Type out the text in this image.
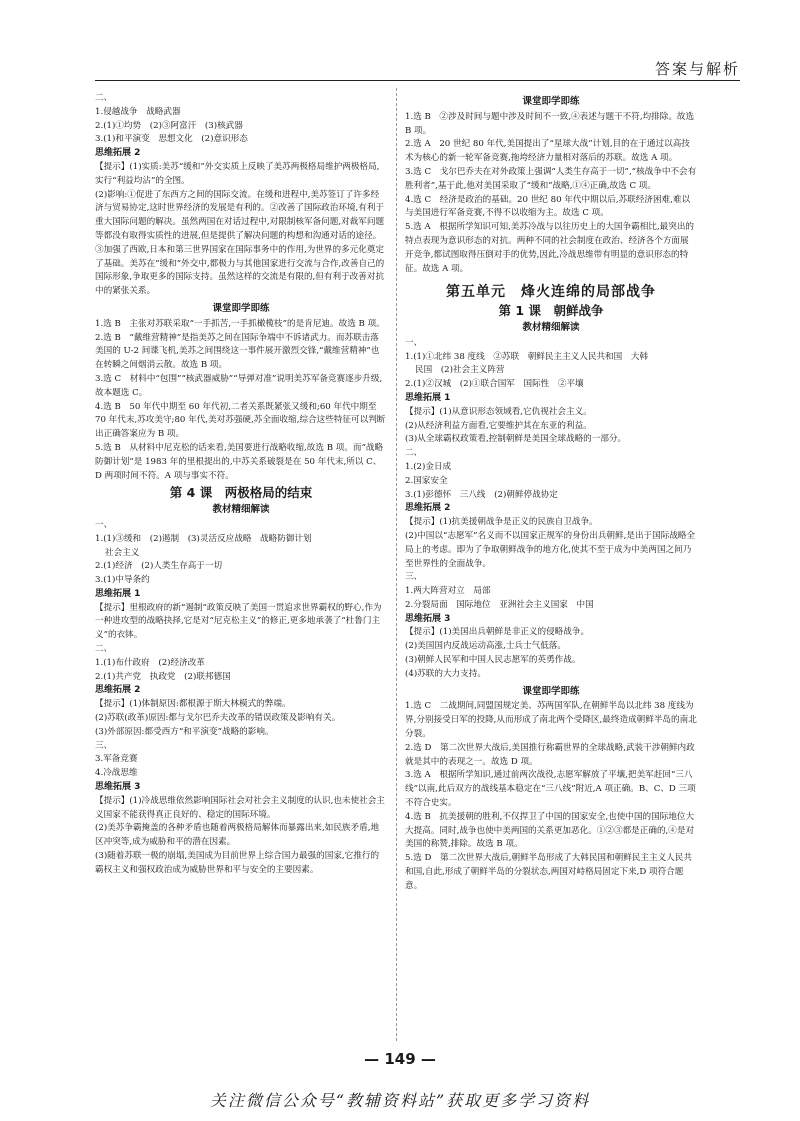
答案与解析
二、
1.侵越战争　战略武器
2.(1)①均势　(2)③阿富汗　(3)核武器
3.(1)和平演变　思想文化　(2)意识形态
思维拓展 2
【提示】(1)实质:美苏“缓和”外交实质上反映了美苏两极格局维护两极格局,实行“利益均沾”的全图。
(2)影响:①促进了东西方之间的国际交流。在缓和进程中,美苏签订了许多经济与贸易协定,这时世界经济的发展是有利的。②改善了国际政治环境,有利于重大国际问题的解决。虽然两国在对话过程中,对限制核军备问题,对裁军问题等都没有取得实质性的进展,但是提供了解决问题的构想和沟通对话的途径。③加强了西欧,日本和第三世界国家在国际事务中的作用,为世界的多元化奠定了基础。美苏在“缓和”外交中,都极力与其他国家进行交流与合作,改善自己的国际形象,争取更多的国际支持。虽然这样的交流是有限的,但有利于改善对抗中的紧张关系。
课堂即学即练
1.选 B　主张对苏联采取“一手抓苦,一手抓橄榄枝”的是肯尼迪。故选 B 项。
2.选 B　“戴维营精神”是指美苏之间在国际争端中不诉诸武力。而苏联击落美国的 U-2 间谍飞机,美苏之间围绕这一事件展开激烈交锋,“戴维营精神”也在转瞬之间烟消云散。故选 B 项。
3.选 C　材料中“包围”“核武器威胁”“导弹对准”说明美苏军备竞赛逐步升级,故本题选 C。
4.选 B　50 年代中期至 60 年代初,二者关系既紧张又缓和;60 年代中期至 70 年代末,苏攻美守;80 年代,美对苏强硬,苏全面收缩,综合这些特征可以判断出正确答案应为 B 项。
5.选 B　从材料中尼克松的话来看,美国要进行战略收缩,故选 B 项。而“战略防御计划”是 1983 年的里根提出的,中苏关系破裂是在 50 年代末,所以 C、D 两项时间不符。A 项与事实不符。
第 4 课　两极格局的结束
教材精细解读
一、
1.(1)③缓和　(2)遏制　(3)灵活反应战略　战略防御计划
社会主义
2.(1)经济　(2)人类生存高于一切
3.(1)中导条约
思维拓展 1
【提示】里根政府的新“遏制”政策反映了美国一贯追求世界霸权的野心,作为一种进攻型的战略抉择,它是对“尼克松主义”的修正,更多地承袭了“杜鲁门主义”的衣钵。
二、
1.(1)布什政府　(2)经济改革
2.(1)共产党　执政党　(2)联邦德国
思维拓展 2
【提示】(1)体制原因:都根源于斯大林模式的弊端。
(2)苏联(政革)原因:都与戈尔巴乔夫改革的错误政策及影响有关。
(3)外部原因:都受西方“和平演变”战略的影响。
三、
3.军备竞赛
4.冷战思维
思维拓展 3
【提示】(1)冷战思维依然影响国际社会对社会主义制度的认识,也未使社会主义国家不能获得真正良好的、稳定的国际环境。
(2)美苏争霸掩盖的各种矛盾也随着两极格局解体而暴露出来,如民族矛盾,地区冲突等,成为威胁和平的潜在因素。
(3)随着苏联一极的崩塌,美国成为目前世界上综合国力最强的国家,它推行的霸权主义和强权政治成为威胁世界和平与安全的主要因素。
课堂即学即练
1.选 B　②涉及时间与题中涉及时间不一致,④表述与题干不符,均排除。故选 B 项。
2.选 A　20 世纪 80 年代,美国提出了“星球大战”计划,目的在于通过以高技术为核心的新一轮军备竞赛,拖垮经济力量相对落后的苏联。故选 A 项。
3.选 C　戈尔巴乔夫在对外政策上强调“人类生存高于一切”,“核战争中不会有胜利者”,基于此,他对美国采取了“缓和”战略,①④正确,故选 C 项。
4.选 C　经济是政治的基础。20 世纪 80 年代中期以后,苏联经济困难,难以与美国进行军备竞赛,不得不以收缩为主。故选 C 项。
5.选 A　根据所学知识可知,美苏冷战与以往历史上的大国争霸相比,最突出的特点表现为意识形态的对抗。两种不同的社会制度在政治、经济各个方面展开竞争,都试图取得压倒对手的优势,因此,冷战思维带有明显的意识形态的特征。故选 A 项。
第五单元　烽火连绵的局部战争
第 1 课　朝鲜战争
教材精细解读
一、
1.(1)①北纬 38 度线　②苏联　朝鲜民主主义人民共和国　大韩
民国　(2)社会主义阵营
2.(1)②汉城　(2)①联合国军　国际性　②平壤
思维拓展 1
【提示】(1)从意识形态领域看,它仇视社会主义。
(2)从经济利益方面看,它要维护其在东亚的利益。
(3)从全球霸权政策看,控制朝鲜是美国全球战略的一部分。
二、
1.(2)金日成
2.国家安全
3.(1)彭德怀　三八线　(2)朝鲜停战协定
思维拓展 2
【提示】(1)抗美援朝战争是正义的民族自卫战争。
(2)中国以“志愿军”名义而不以国家正规军的身份出兵朝鲜,是出于国际战略全局上的考虑。即为了争取朝鲜战争的地方化,使其不至于成为中美两国之间乃至世界性的全面战争。
三、
1.两大阵营对立　局部
2.分裂局面　国际地位　亚洲社会主义国家　中国
思维拓展 3
【提示】(1)美国出兵朝鲜是非正义的侵略战争。
(2)美国国内反战运动高涨,士兵士气低落。
(3)朝鲜人民军和中国人民志愿军的英勇作战。
(4)苏联的大力支持。
课堂即学即练
1.选 C　二战期间,同盟国规定美、苏两国军队,在朝鲜半岛以北纬 38 度线为界,分别接受日军的投降,从而形成了南北两个受降区,最终造成朝鲜半岛的南北分裂。
2.选 D　第二次世界大战后,美国推行称霸世界的全球战略,武装干涉朝鲜内政就是其中的表现之一。故选 D 项。
3.选 A　根据所学知识,通过前两次战役,志愿军解放了平壤,把美军赶回“三八线”以南,此后双方的战线基本稳定在“三八线”附近,A 项正确。B、C、D 三项不符合史实。
4.选 B　抗美援朝的胜利,不仅捍卫了中国的国家安全,也使中国的国际地位大大提高。同时,战争也使中美两国的关系更加恶化。①②③都是正确的,④是对美国的称赞,排除。故选 B 项。
5.选 D　第二次世界大战后,朝鲜半岛形成了大韩民国和朝鲜民主主义人民共和国,自此,形成了朝鲜半岛的分裂状态,两国对峙格局固定下来,D 项符合题意。
— 149 —
关注微信公众号“教辅资料站”获取更多学习资料
